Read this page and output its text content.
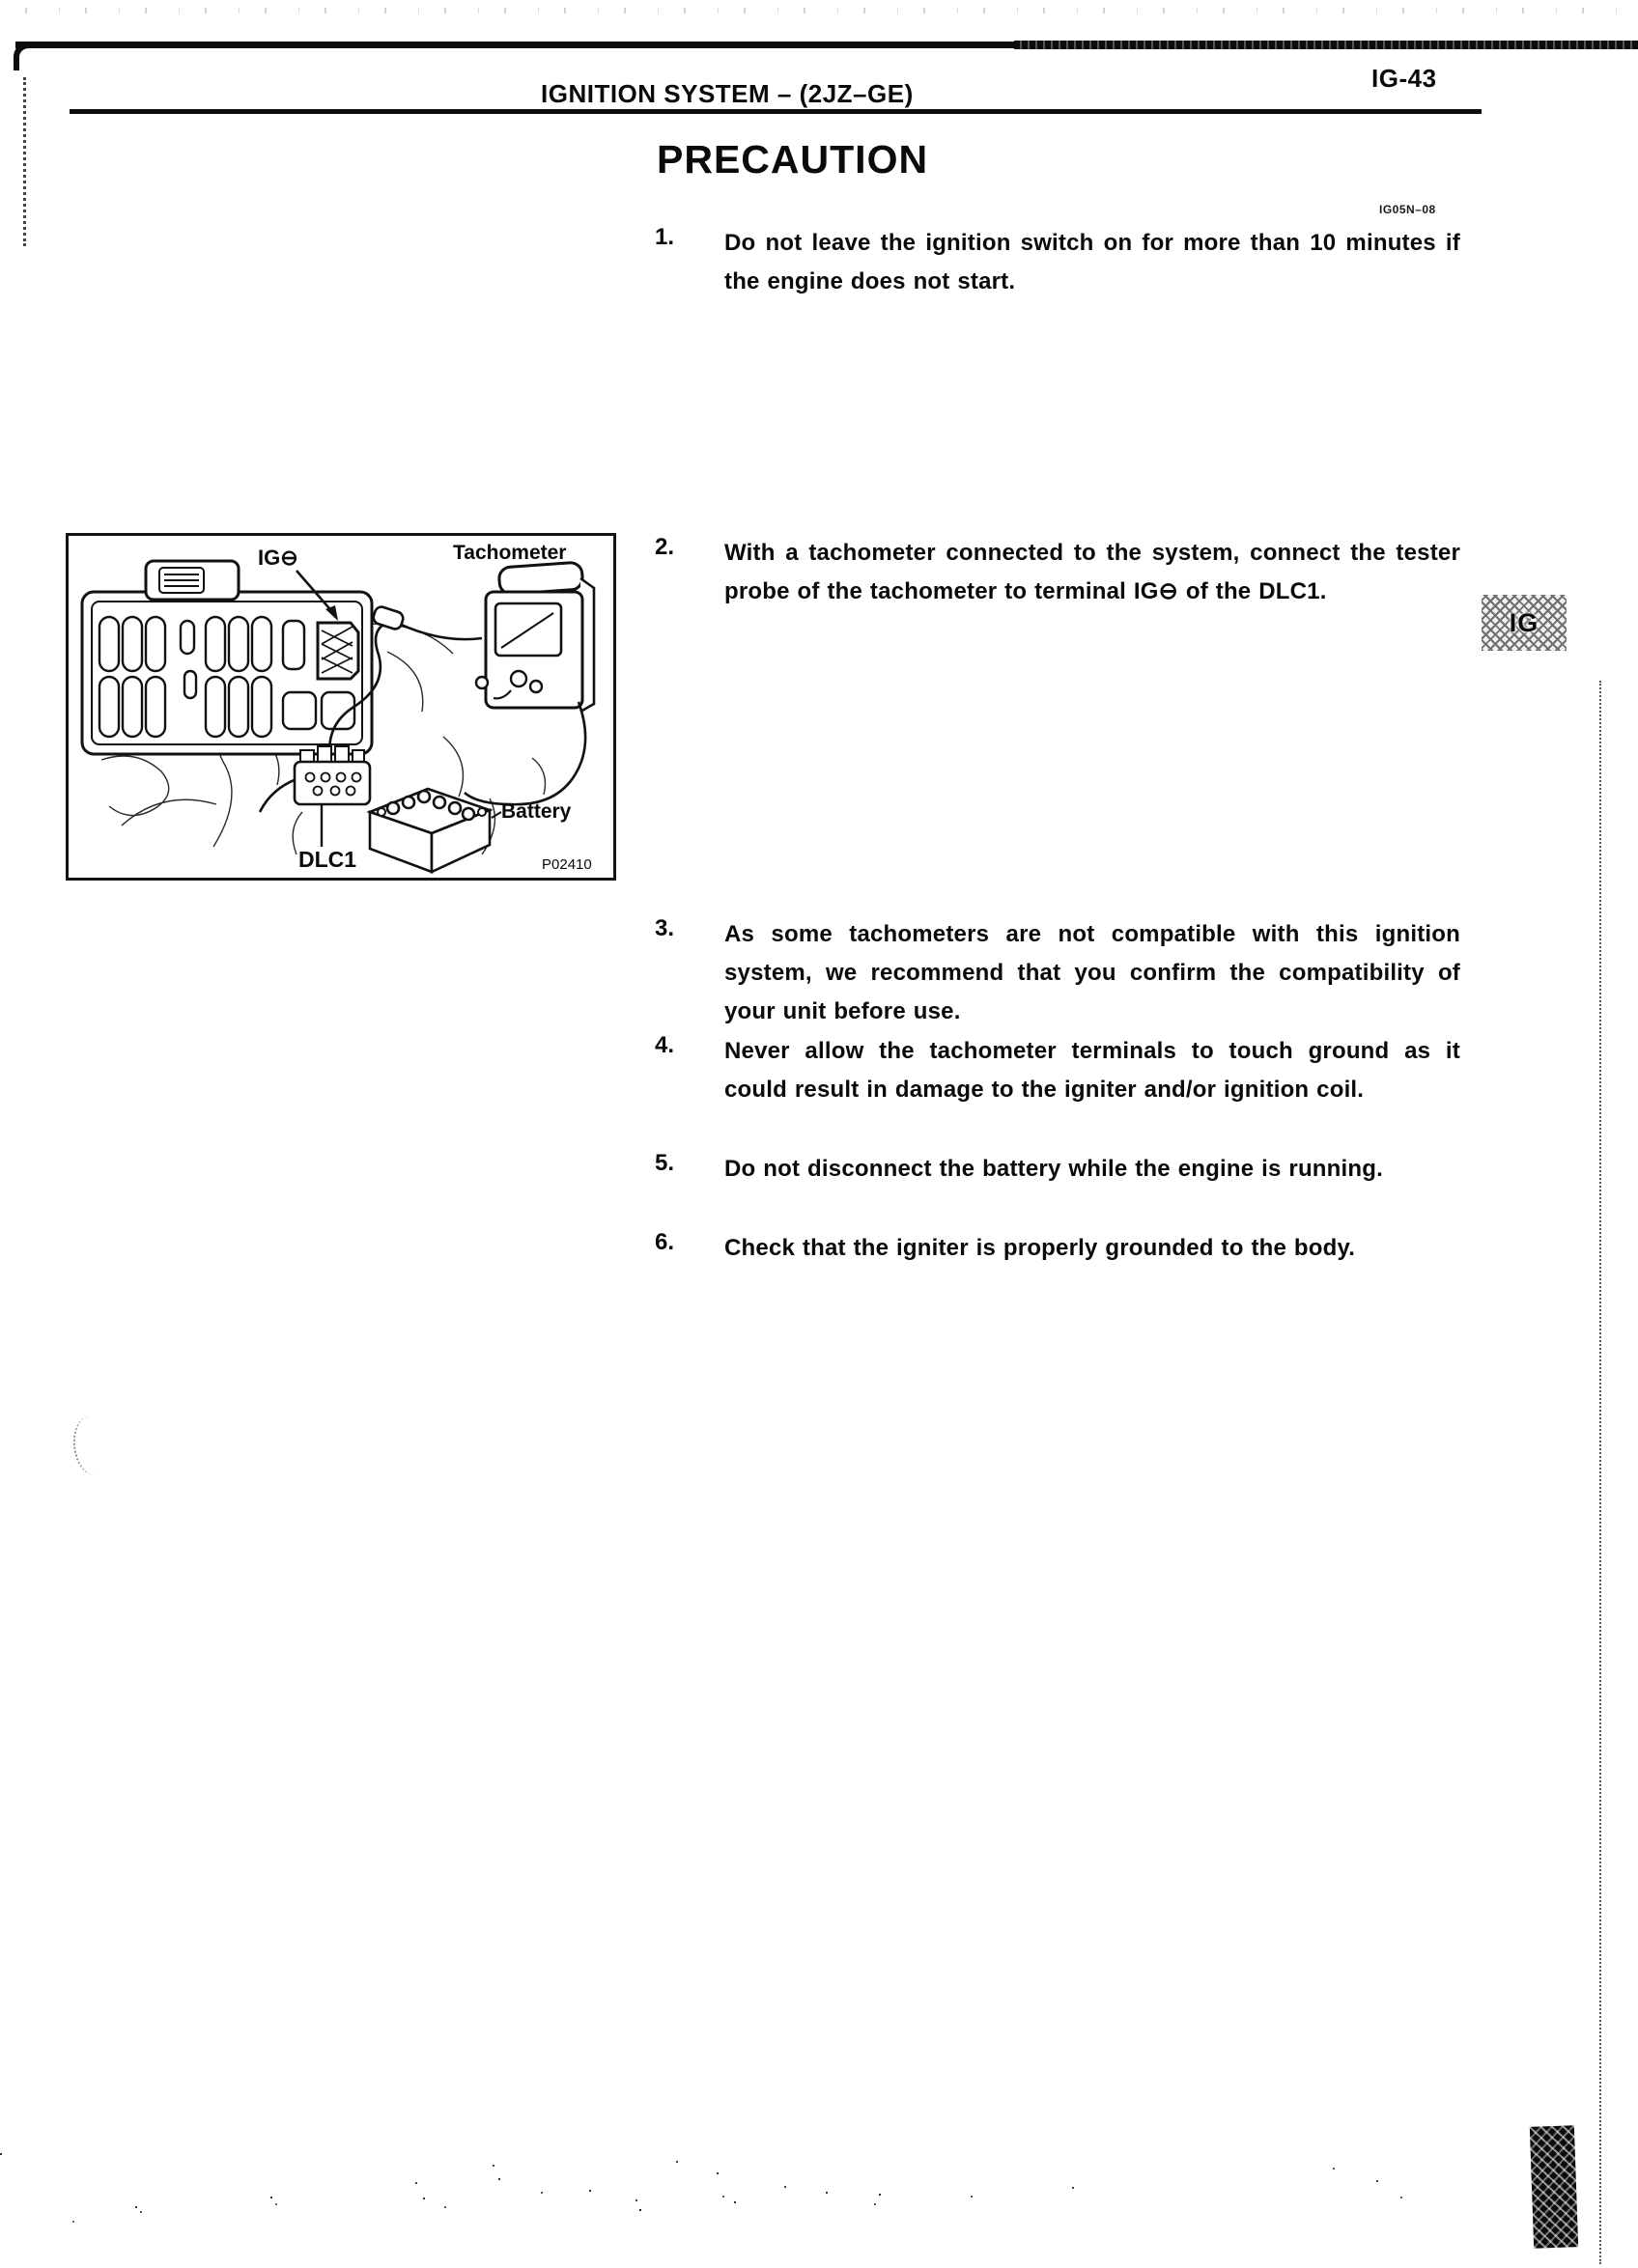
IGNITION SYSTEM – (2JZ–GE)
IG-43
PRECAUTION
IG05N–08
1.	Do not leave the ignition switch on for more than 10 minutes if the engine does not start.
2.	With a tachometer connected to the system, connect the tester probe of the tachometer to terminal IG⊖ of the DLC1.
3.	As some tachometers are not compatible with this ignition system, we recommend that you confirm the compatibility of your unit before use.
4.	Never allow the tachometer terminals to touch ground as it could result in damage to the igniter and/or ignition coil.
5.	Do not disconnect the battery while the engine is running.
6.	Check that the igniter is properly grounded to the body.
IG⊖	Tachometer
Battery
DLC1	P02410
IG
